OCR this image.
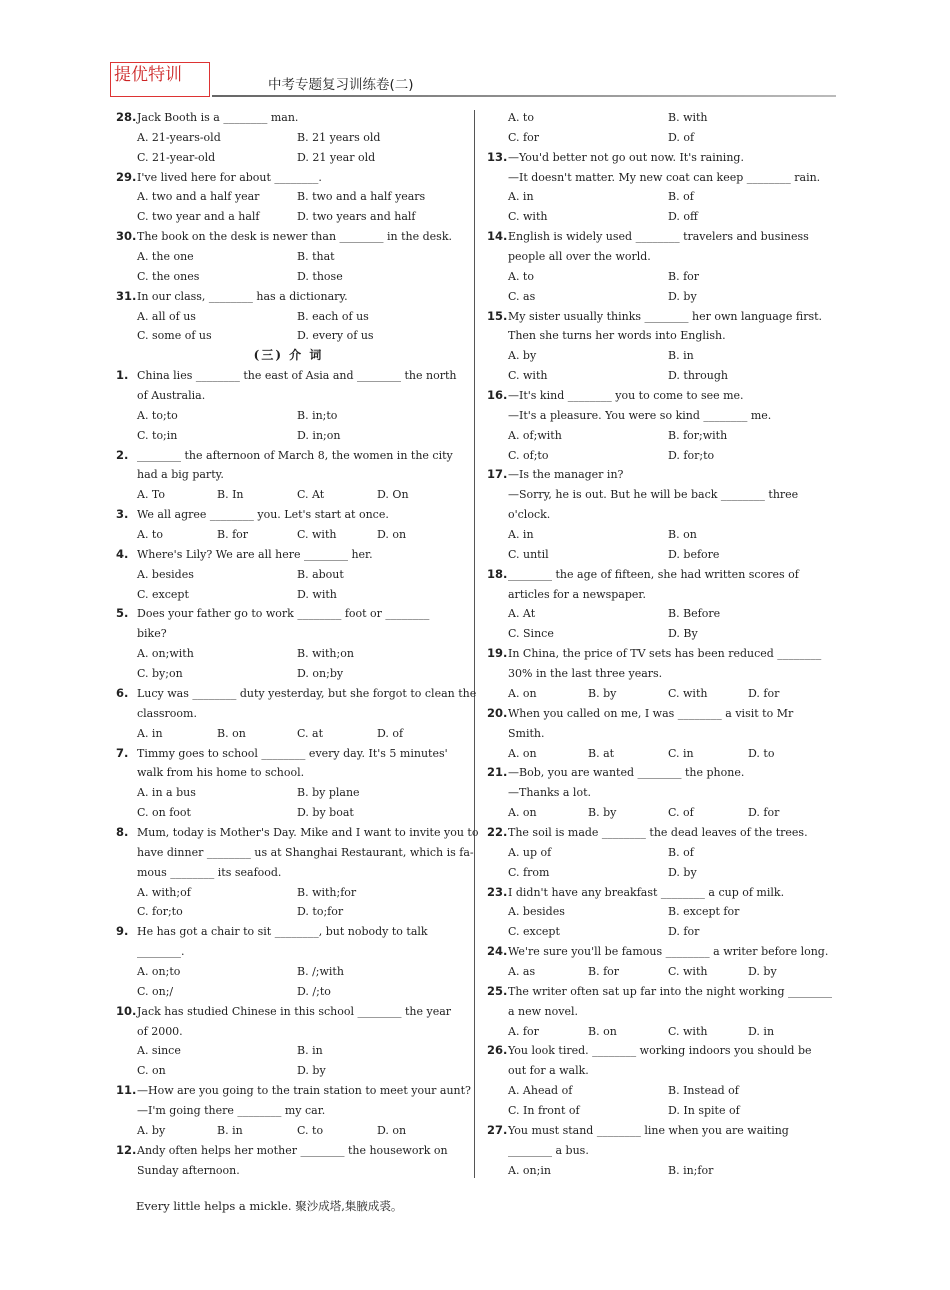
提优特训	中考专题复习训练卷(二)
28.Jack Booth is a ________ man.
A. 21-years-old	B. 21 years old
C. 21-year-old	D. 21 year old
29.I've lived here for about ________.
A. two and a half year	B. two and a half years
C. two year and a half	D. two years and half
30.The book on the desk is newer than ________ in the desk.
A. the one	B. that
C. the ones	D. those
31.In our class, ________ has a dictionary.
A. all of us	B. each of us
C. some of us	D. every of us
(三) 介 词
1. China lies ________ the east of Asia and ________ the north
of Australia.
A. to;to	B. in;to
C. to;in	D. in;on
2. ________ the afternoon of March 8, the women in the city
had a big party.
A. To	B. In	C. At	D. On
3. We all agree ________ you. Let's start at once.
A. to	B. for	C. with	D. on
4. Where's Lily? We are all here ________ her.
A. besides	B. about
C. except	D. with
5. Does your father go to work ________ foot or ________
bike?
A. on;with	B. with;on
C. by;on	D. on;by
6. Lucy was ________ duty yesterday, but she forgot to clean the
classroom.
A. in	B. on	C. at	D. of
7. Timmy goes to school ________ every day. It's 5 minutes'
walk from his home to school.
A. in a bus	B. by plane
C. on foot	D. by boat
8. Mum, today is Mother's Day. Mike and I want to invite you to
have dinner ________ us at Shanghai Restaurant, which is fa-
mous ________ its seafood.
A. with;of	B. with;for
C. for;to	D. to;for
9. He has got a chair to sit ________, but nobody to talk
________.
A. on;to	B. /;with
C. on;/	D. /;to
10.Jack has studied Chinese in this school ________ the year
of 2000.
A. since	B. in
C. on	D. by
11.—How are you going to the train station to meet your aunt?
—I'm going there ________ my car.
A. by	B. in	C. to	D. on
12.Andy often helps her mother ________ the housework on
Sunday afternoon.
A. to	B. with
C. for	D. of
13.—You'd better not go out now. It's raining.
—It doesn't matter. My new coat can keep ________ rain.
A. in	B. of
C. with	D. off
14.English is widely used ________ travelers and business
people all over the world.
A. to	B. for
C. as	D. by
15.My sister usually thinks ________ her own language first.
Then she turns her words into English.
A. by	B. in
C. with	D. through
16.—It's kind ________ you to come to see me.
—It's a pleasure. You were so kind ________ me.
A. of;with	B. for;with
C. of;to	D. for;to
17.—Is the manager in?
—Sorry, he is out. But he will be back ________ three
o'clock.
A. in	B. on
C. until	D. before
18.________ the age of fifteen, she had written scores of
articles for a newspaper.
A. At	B. Before
C. Since	D. By
19.In China, the price of TV sets has been reduced ________
30% in the last three years.
A. on	B. by	C. with	D. for
20.When you called on me, I was ________ a visit to Mr
Smith.
A. on	B. at	C. in	D. to
21.—Bob, you are wanted ________ the phone.
—Thanks a lot.
A. on	B. by	C. of	D. for
22.The soil is made ________ the dead leaves of the trees.
A. up of	B. of
C. from	D. by
23.I didn't have any breakfast ________ a cup of milk.
A. besides	B. except for
C. except	D. for
24.We're sure you'll be famous ________ a writer before long.
A. as	B. for	C. with	D. by
25.The writer often sat up far into the night working ________
a new novel.
A. for	B. on	C. with	D. in
26.You look tired. ________ working indoors you should be
out for a walk.
A. Ahead of	B. Instead of
C. In front of	D. In spite of
27.You must stand ________ line when you are waiting
________ a bus.
A. on;in	B. in;for
Every little helps a mickle. 聚沙成塔,集腋成裘。
